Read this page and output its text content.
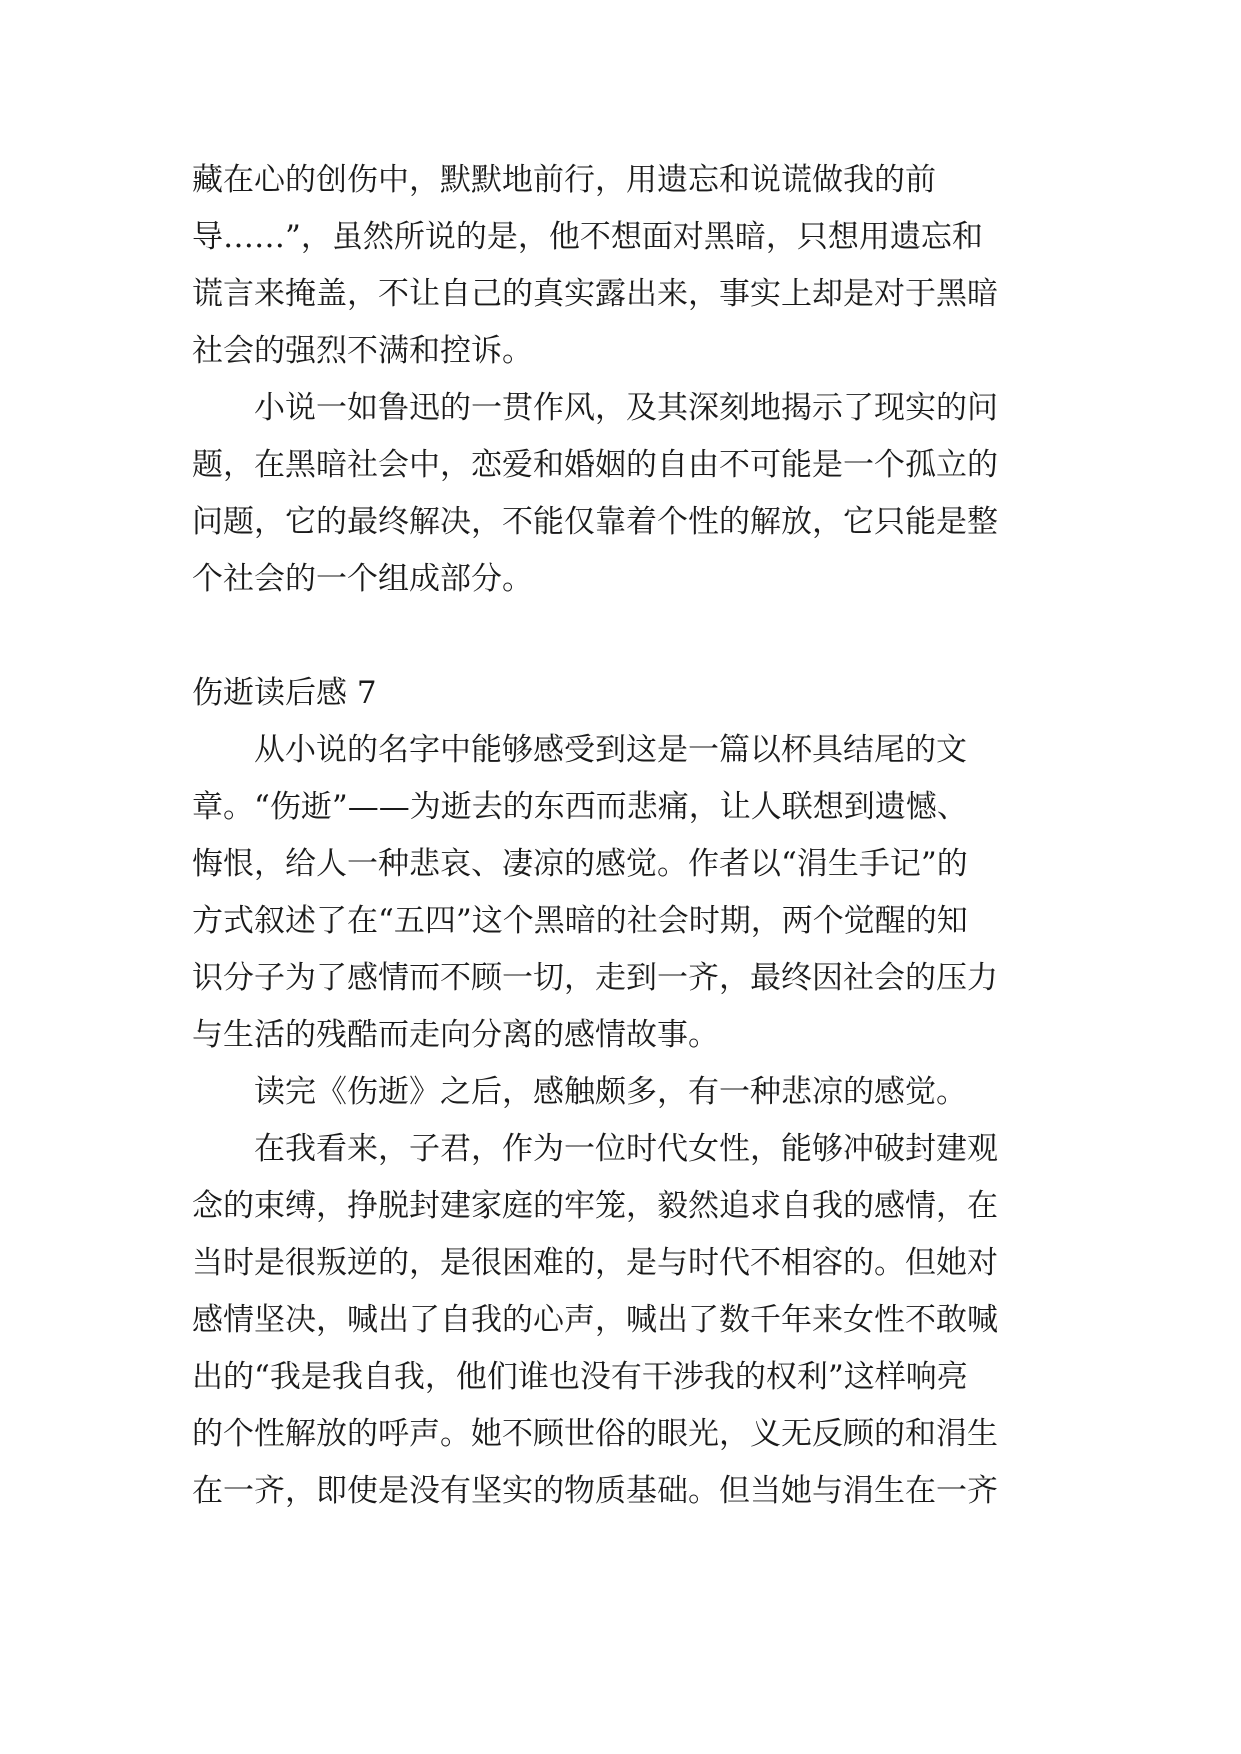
藏在心的创伤中，默默地前行，用遗忘和说谎做我的前
导……”，虽然所说的是，他不想面对黑暗，只想用遗忘和
谎言来掩盖，不让自己的真实露出来，事实上却是对于黑暗
社会的强烈不满和控诉。
　　小说一如鲁迅的一贯作风，及其深刻地揭示了现实的问
题，在黑暗社会中，恋爱和婚姻的自由不可能是一个孤立的
问题，它的最终解决，不能仅靠着个性的解放，它只能是整
个社会的一个组成部分。
伤逝读后感 7
　　从小说的名字中能够感受到这是一篇以杯具结尾的文
章。“伤逝”——为逝去的东西而悲痛，让人联想到遗憾、
悔恨，给人一种悲哀、凄凉的感觉。作者以“涓生手记”的
方式叙述了在“五四”这个黑暗的社会时期，两个觉醒的知
识分子为了感情而不顾一切，走到一齐，最终因社会的压力
与生活的残酷而走向分离的感情故事。
　　读完《伤逝》之后，感触颇多，有一种悲凉的感觉。
　　在我看来，子君，作为一位时代女性，能够冲破封建观
念的束缚，挣脱封建家庭的牢笼，毅然追求自我的感情，在
当时是很叛逆的，是很困难的，是与时代不相容的。但她对
感情坚决，喊出了自我的心声，喊出了数千年来女性不敢喊
出的“我是我自我，他们谁也没有干涉我的权利”这样响亮
的个性解放的呼声。她不顾世俗的眼光，义无反顾的和涓生
在一齐，即使是没有坚实的物质基础。但当她与涓生在一齐
